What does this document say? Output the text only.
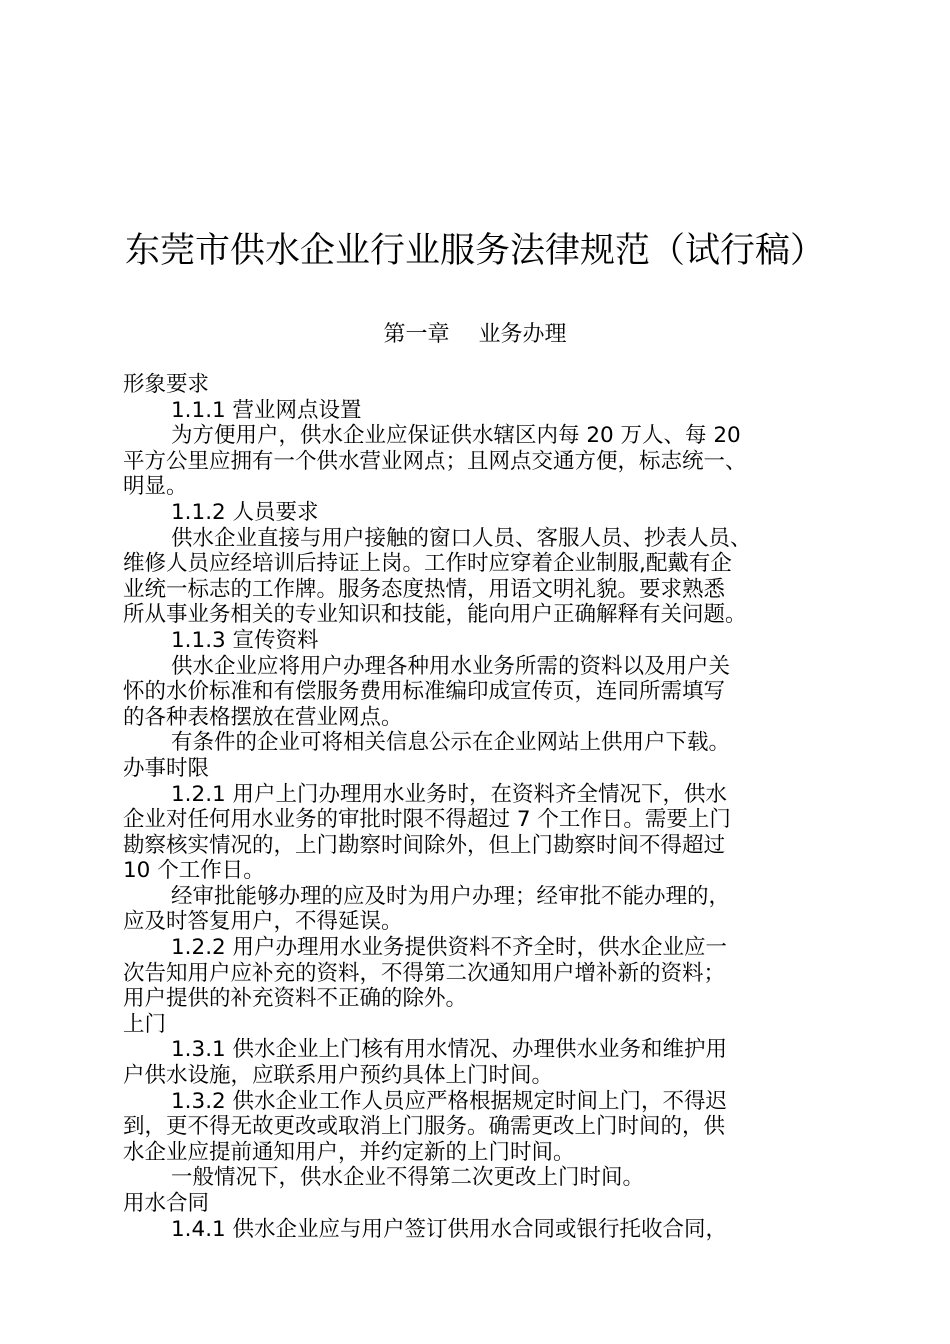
东莞市供水企业行业服务法律规范（试行稿）
第一章　 业务办理
形象要求
1.1.1 营业网点设置
为方便用户，供水企业应保证供水辖区内每 20 万人、每 20
平方公里应拥有一个供水营业网点；且网点交通方便，标志统一、
明显。
1.1.2 人员要求
供水企业直接与用户接触的窗口人员、客服人员、抄表人员、
维修人员应经培训后持证上岗。工作时应穿着企业制服,配戴有企
业统一标志的工作牌。服务态度热情，用语文明礼貌。要求熟悉
所从事业务相关的专业知识和技能，能向用户正确解释有关问题。
1.1.3 宣传资料
供水企业应将用户办理各种用水业务所需的资料以及用户关
怀的水价标准和有偿服务费用标准编印成宣传页，连同所需填写
的各种表格摆放在营业网点。
有条件的企业可将相关信息公示在企业网站上供用户下载。
办事时限
1.2.1 用户上门办理用水业务时，在资料齐全情况下，供水
企业对任何用水业务的审批时限不得超过 7 个工作日。需要上门
勘察核实情况的，上门勘察时间除外，但上门勘察时间不得超过
10 个工作日。
经审批能够办理的应及时为用户办理；经审批不能办理的，
应及时答复用户，不得延误。
1.2.2 用户办理用水业务提供资料不齐全时，供水企业应一
次告知用户应补充的资料，不得第二次通知用户增补新的资料；
用户提供的补充资料不正确的除外。
上门
1.3.1 供水企业上门核有用水情况、办理供水业务和维护用
户供水设施，应联系用户预约具体上门时间。
1.3.2 供水企业工作人员应严格根据规定时间上门，不得迟
到，更不得无故更改或取消上门服务。确需更改上门时间的，供
水企业应提前通知用户，并约定新的上门时间。
一般情况下，供水企业不得第二次更改上门时间。
用水合同
1.4.1 供水企业应与用户签订供用水合同或银行托收合同，
